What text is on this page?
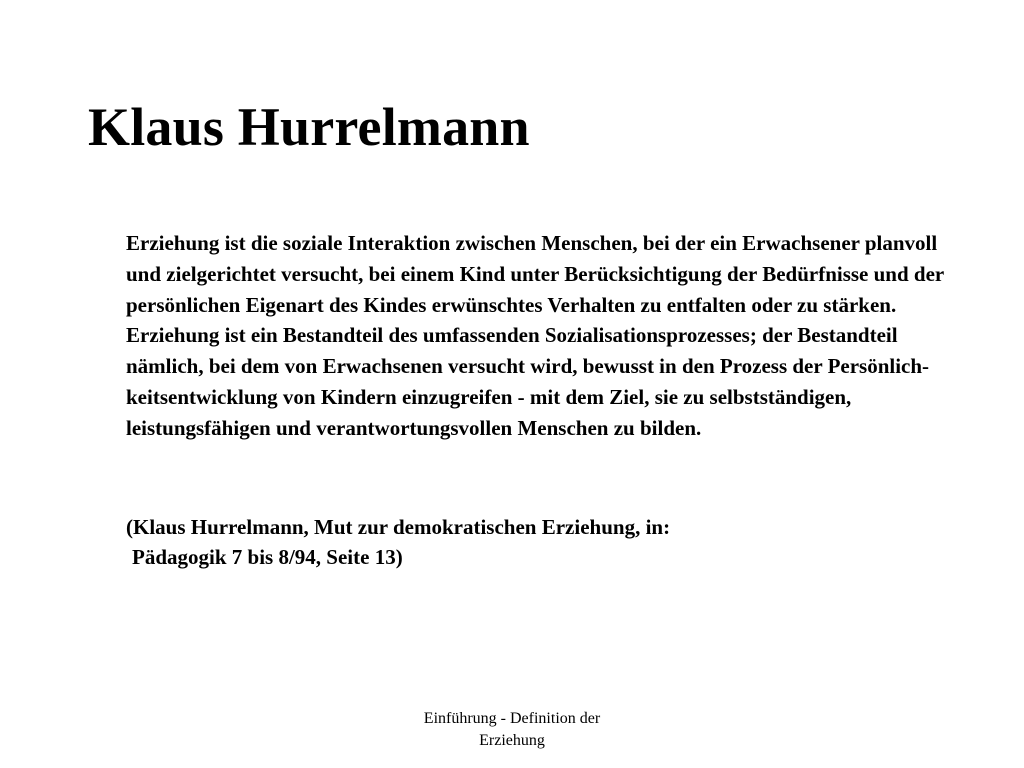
Klaus Hurrelmann

Erziehung ist die soziale Interaktion zwischen Menschen, bei der ein Erwachsener planvoll und zielgerichtet versucht, bei einem Kind unter Berücksichtigung der Bedürfnisse und der persönlichen Eigenart des Kindes erwünschtes Verhalten zu entfalten oder zu stärken. Erziehung ist ein Bestandteil des umfassenden Sozialisationsprozesses; der Bestandteil nämlich, bei dem von Erwachsenen versucht wird, bewusst in den Prozess der Persönlich-keitsentwicklung von Kindern einzugreifen - mit dem Ziel, sie zu selbstständigen, leistungsfähigen und verantwortungsvollen Menschen zu bilden.

(Klaus Hurrelmann, Mut zur demokratischen Erziehung, in:
Pädagogik 7 bis 8/94, Seite 13)

Einführung - Definition der
Erziehung
